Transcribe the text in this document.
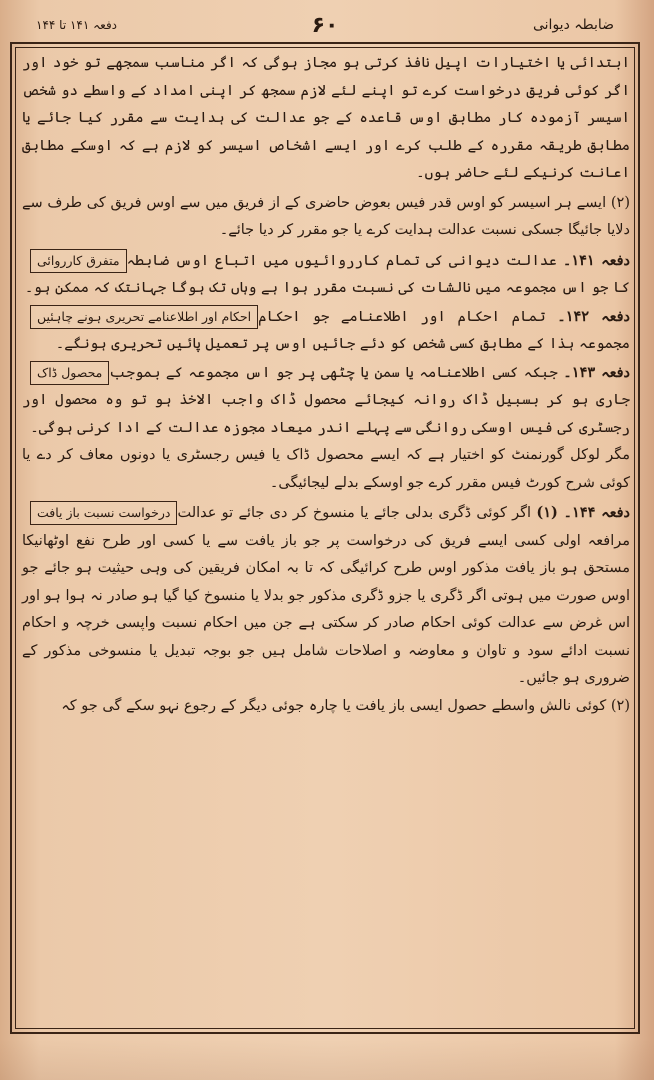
ضابطہ دیوانی
۶۰
دفعہ ۱۴۱ تا ۱۴۴

ابتدائی یا اختیارات اپیل نافذ کرتی ہو مجاز ہوگی کہ اگر مناسب سمجھے تو خود اور اگر کوئی فریق درخواست کرے تو اپنے لئے لازم سمجھ کر اپنی امداد کے واسطے دو شخص اسیسر آزمودہ کار مطابق اوس قاعدہ کے جو عدالت کی ہدایت سے مقرر کیا جائے یا مطابق طریقہ مقررہ کے طلب کرے اور ایسے اشخاص اسیسر کو لازم ہے کہ اوسکے مطابق اعانت کرنیکے لئے حاضر ہوں۔

(۲) ایسے ہر اسیسر کو اوس قدر فیس بعوض حاضری کے از فریق میں سے اوس فریق کی طرف سے دلایا جائیگا جسکی نسبت عدالت ہدایت کرے یا جو مقرر کر دیا جائے۔

متفرق کارروائی	دفعہ ۱۴۱۔ عدالت دیوانی کی تمام کارروائیوں میں اتباع اوس ضابطہ کا جو اس مجموعہ میں نالشات کی نسبت مقرر ہوا ہے وہاں تک ہوگا جہانتک کہ ممکن ہو۔
احکام اور اطلاعنامے تحریری ہونے چاہئیں	دفعہ ۱۴۲۔ تمام احکام اور اطلاعنامے جو احکام مجموعہ ہذا کے مطابق کسی شخص کو دئے جائیں اوس پر تعمیل پائیں تحریری ہونگے۔
محصول ڈاک	دفعہ ۱۴۳۔ جبکہ کسی اطلاعنامہ یا سمن یا چٹھی پر جو اس مجموعہ کے بموجب جاری ہو کر بسبیل ڈاک روانہ کیجائے محصول ڈاک واجب الاخذ ہو تو وہ محصول اور رجسٹری کی فیس اوسکی روانگی سے پہلے اندر میعاد مجوزہ عدالت کے ادا کرنی ہوگی۔

مگر لوکل گورنمنٹ کو اختیار ہے کہ ایسے محصول ڈاک یا فیس رجسٹری یا دونوں معاف کر دے یا کوئی شرح کورٹ فیس مقرر کرے جو اوسکے بدلے لیجائیگی۔

درخواست نسبت باز یافت	دفعہ ۱۴۴۔ (۱) اگر کوئی ڈگری بدلی جائے یا منسوخ کر دی جائے تو عدالت مرافعہ اولی کسی ایسے فریق کی درخواست پر جو باز یافت سے یا کسی اور طرح نفع اوٹھانیکا مستحق ہو باز یافت مذکور اوس طرح کرائیگی کہ تا بہ امکان فریقین کی وہی حیثیت ہو جائے جو اوس صورت میں ہوتی اگر ڈگری یا جزو ڈگری مذکور جو بدلا یا منسوخ کیا گیا ہو صادر نہ ہوا ہو اور اس غرض سے عدالت کوئی احکام صادر کر سکتی ہے جن میں احکام نسبت واپسی خرچہ و احکام نسبت ادائے سود و تاوان و معاوضہ و اصلاحات شامل ہیں جو بوجہ تبدیل یا منسوخی مذکور کے ضروری ہو جائیں۔

(۲) کوئی نالش واسطے حصول ایسی باز یافت یا چارہ جوئی دیگر کے رجوع نہو سکے گی جو کہ
